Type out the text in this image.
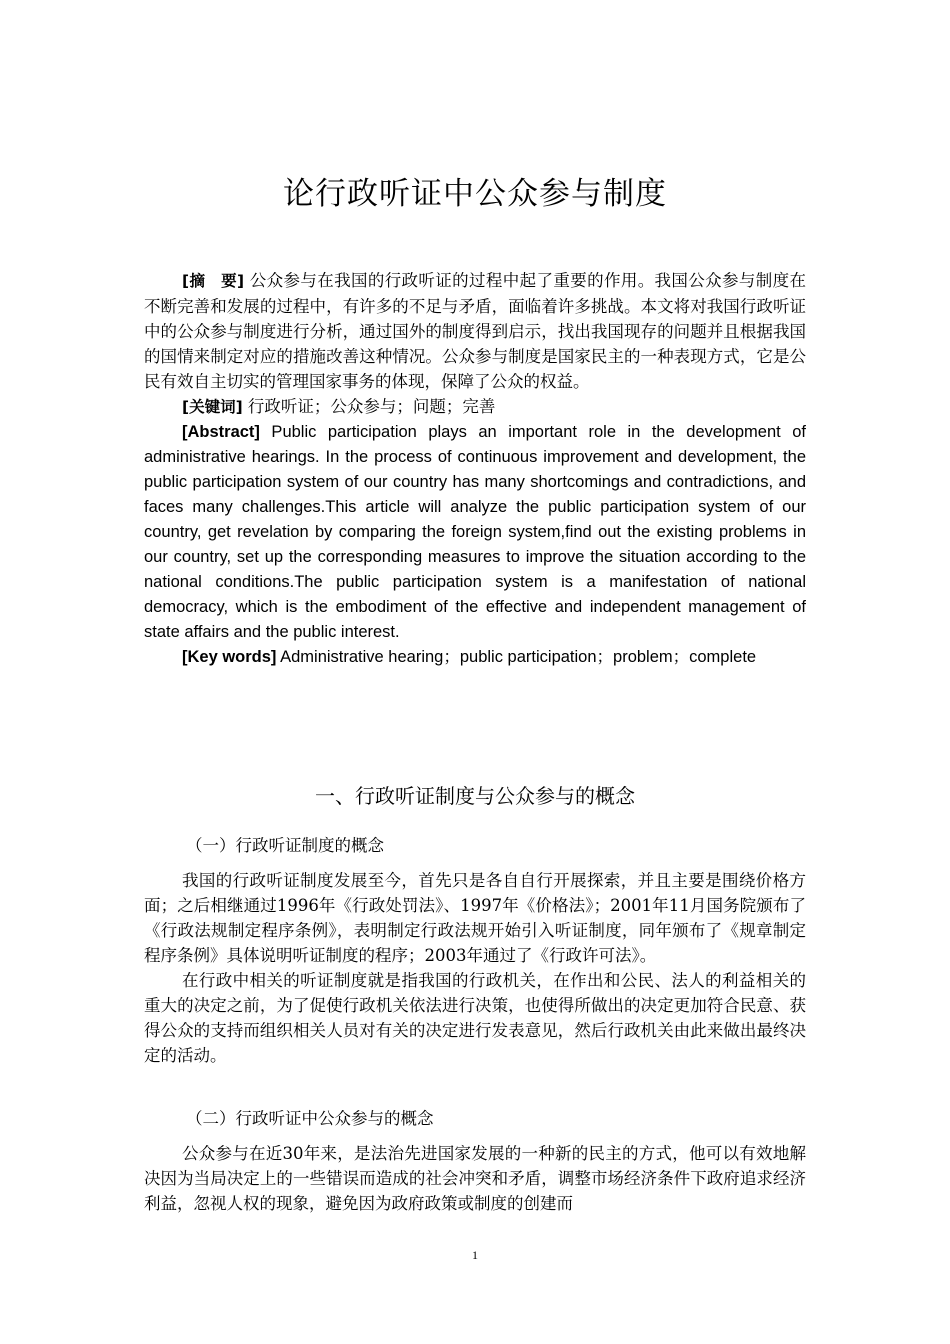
论行政听证中公众参与制度

[摘　要] 公众参与在我国的行政听证的过程中起了重要的作用。我国公众参与制度在不断完善和发展的过程中，有许多的不足与矛盾，面临着许多挑战。本文将对我国行政听证中的公众参与制度进行分析，通过国外的制度得到启示，找出我国现存的问题并且根据我国的国情来制定对应的措施改善这种情况。公众参与制度是国家民主的一种表现方式，它是公民有效自主切实的管理国家事务的体现，保障了公众的权益。

[关键词] 行政听证；公众参与；问题；完善

[Abstract] Public participation plays an important role in the development of administrative hearings. In the process of continuous improvement and development, the public participation system of our country has many shortcomings and contradictions, and faces many challenges.This article will analyze the public participation system of our country, get revelation by comparing the foreign system,find out the existing problems in our country, set up the corresponding measures to improve the situation according to the national conditions.The public participation system is a manifestation of national democracy, which is the embodiment of the effective and independent management of state affairs and the public interest.

[Key words] Administrative hearing；public participation；problem；complete

一、行政听证制度与公众参与的概念
（一）行政听证制度的概念

我国的行政听证制度发展至今，首先只是各自自行开展探索，并且主要是围绕价格方面；之后相继通过1996年《行政处罚法》、1997年《价格法》；2001年11月国务院颁布了《行政法规制定程序条例》，表明制定行政法规开始引入听证制度，同年颁布了《规章制定程序条例》具体说明听证制度的程序；2003年通过了《行政许可法》。

在行政中相关的听证制度就是指我国的行政机关，在作出和公民、法人的利益相关的重大的决定之前，为了促使行政机关依法进行决策，也使得所做出的决定更加符合民意、获得公众的支持而组织相关人员对有关的决定进行发表意见，然后行政机关由此来做出最终决定的活动。

（二）行政听证中公众参与的概念

公众参与在近30年来，是法治先进国家发展的一种新的民主的方式，他可以有效地解决因为当局决定上的一些错误而造成的社会冲突和矛盾，调整市场经济条件下政府追求经济利益，忽视人权的现象，避免因为政府政策或制度的创建而

1
